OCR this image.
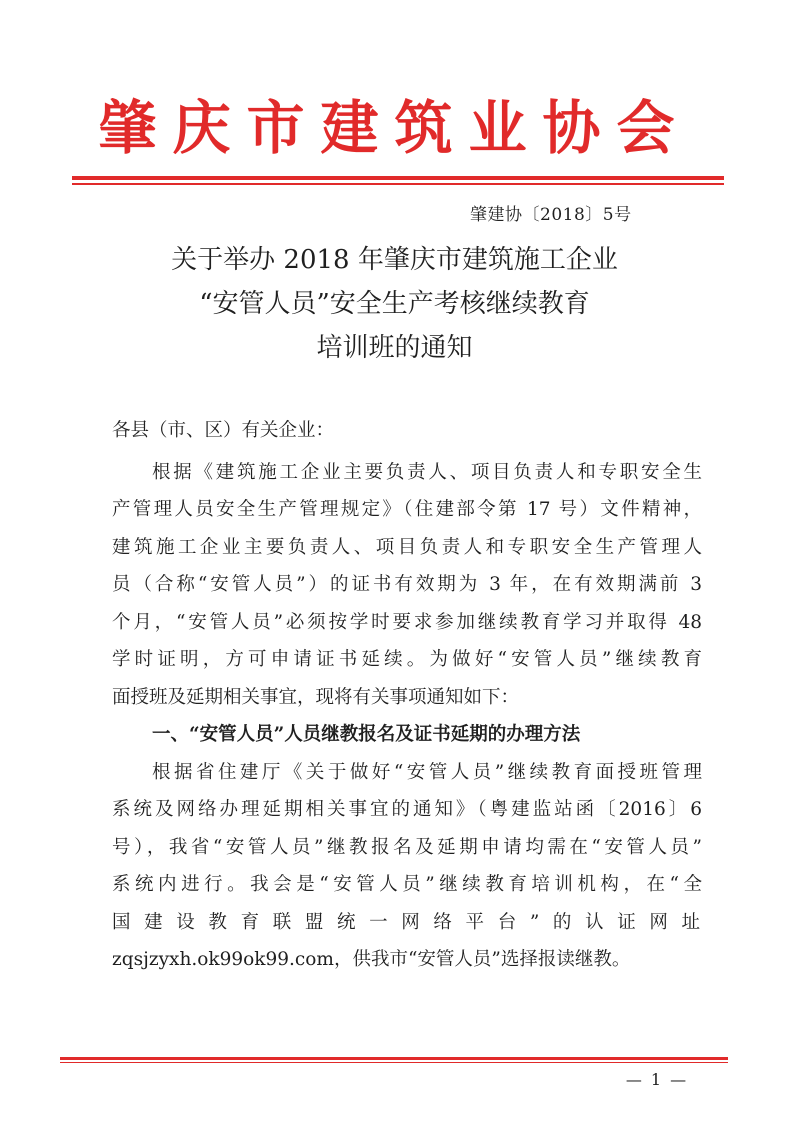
肇庆市建筑业协会
肇建协〔2018〕5号
关于举办 2018 年肇庆市建筑施工企业
“安管人员”安全生产考核继续教育
培训班的通知
各县（市、区）有关企业：
根据《建筑施工企业主要负责人、项目负责人和专职安全生
产管理人员安全生产管理规定》（住建部令第 17 号）文件精神，
建筑施工企业主要负责人、项目负责人和专职安全生产管理人
员（合称“安管人员”）的证书有效期为 3 年，在有效期满前 3
个月，“安管人员”必须按学时要求参加继续教育学习并取得 48
学时证明，方可申请证书延续。为做好“安管人员”继续教育
面授班及延期相关事宜，现将有关事项通知如下：
一、“安管人员”人员继教报名及证书延期的办理方法
根据省住建厅《关于做好“安管人员”继续教育面授班管理
系统及网络办理延期相关事宜的通知》（粤建监站函〔2016〕6
号），我省“安管人员”继教报名及延期申请均需在“安管人员”
系统内进行。我会是“安管人员”继续教育培训机构，在“全
国建设教育联盟统一网络平台”的认证网址
zqsjzyxh.ok99ok99.com，供我市“安管人员”选择报读继教。
— 1 —
